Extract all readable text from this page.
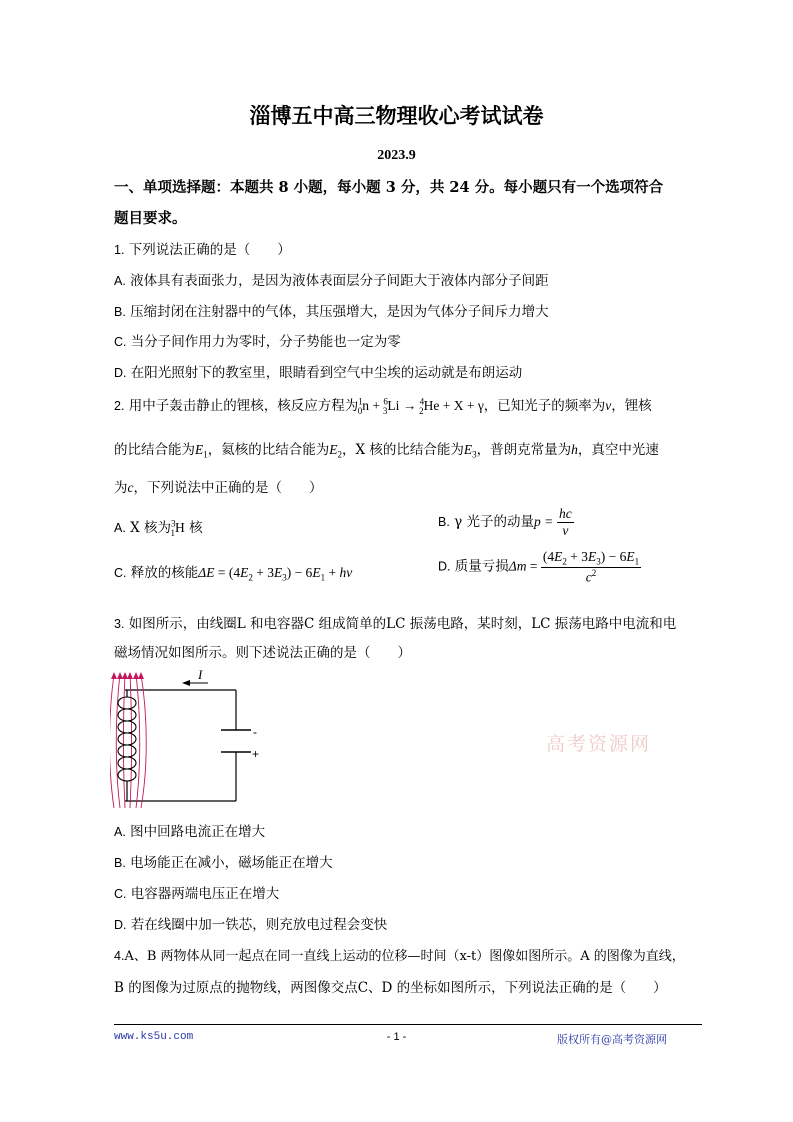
淄博五中高三物理收心考试试卷
2023.9
一、单项选择题：本题共 8 小题，每小题 3 分，共 24 分。每小题只有一个选项符合
题目要求。
1. 下列说法正确的是（　　）
A. 液体具有表面张力，是因为液体表面层分子间距大于液体内部分子间距
B. 压缩封闭在注射器中的气体，其压强增大，是因为气体分子间斥力增大
C. 当分子间作用力为零时，分子势能也一定为零
D. 在阳光照射下的教室里，眼睛看到空气中尘埃的运动就是布朗运动
2. 用中子轰击静止的锂核，核反应方程为$^1_0$n + $^6_3$Li → $^4_2$He + X + γ，已知光子的频率为ν，锂核
的比结合能为$E_1$，氦核的比结合能为$E_2$，X 核的比结合能为$E_3$，普朗克常量为h，真空中光速
为c，下列说法中正确的是（　　）
A. X 核为$^3_1$H 核	B. γ 光子的动量$p = \frac{hc}{\nu}$
C. 释放的核能$\Delta E = (4E_2 + 3E_3) - 6E_1 + h\nu$	D. 质量亏损$\Delta m = \frac{(4E_2 + 3E_3) - 6E_1}{c^2}$
3. 如图所示，由线圈L 和电容器C 组成简单的LC 振荡电路，某时刻，LC 振荡电路中电流和电
磁场情况如图所示。则下述说法正确的是（　　）
-
+
I
高考资源网
A. 图中回路电流正在增大
B. 电场能正在减小，磁场能正在增大
C. 电容器两端电压正在增大
D. 若在线圈中加一铁芯，则充放电过程会变快
4.A、B 两物体从同一起点在同一直线上运动的位移—时间（x-t）图像如图所示。A 的图像为直线，
B 的图像为过原点的抛物线，两图像交点C、D 的坐标如图所示，下列说法正确的是（　　）
www.ks5u.com	- 1 -	版权所有@高考资源网
